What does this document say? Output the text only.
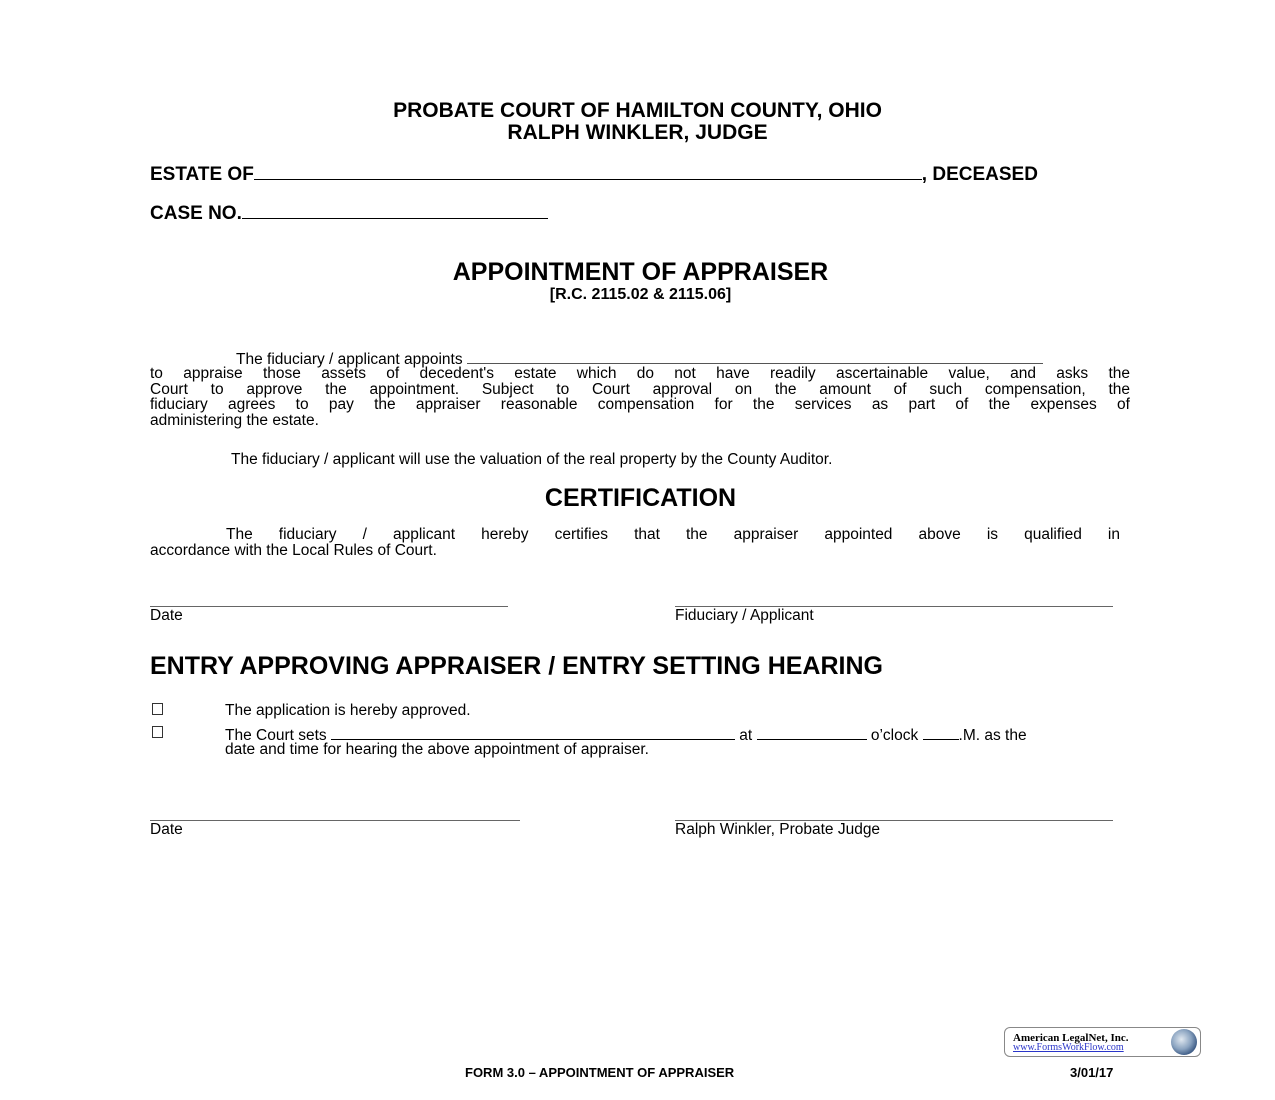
PROBATE COURT OF HAMILTON COUNTY, OHIO
RALPH WINKLER, JUDGE
ESTATE OF	, DECEASED
CASE NO.
APPOINTMENT OF APPRAISER
[R.C. 2115.02 & 2115.06]
The fiduciary / applicant appoints
to appraise those assets of decedent's estate which do not have readily ascertainable value, and asks the
Court to approve the appointment. Subject to Court approval on the amount of such compensation, the
fiduciary agrees to pay the appraiser reasonable compensation for the services as part of the expenses of
administering the estate.
The fiduciary / applicant will use the valuation of the real property by the County Auditor.
CERTIFICATION
The fiduciary / applicant hereby certifies that the appraiser appointed above is qualified in
accordance with the Local Rules of Court.
Date	Fiduciary / Applicant
ENTRY APPROVING APPRAISER / ENTRY SETTING HEARING
The application is hereby approved.
The Court sets	at	o’clock	.M. as the
date and time for hearing the above appointment of appraiser.
Date	Ralph Winkler, Probate Judge
American LegalNet, Inc.
www.FormsWorkFlow.com
FORM 3.0 – APPOINTMENT OF APPRAISER	3/01/17
